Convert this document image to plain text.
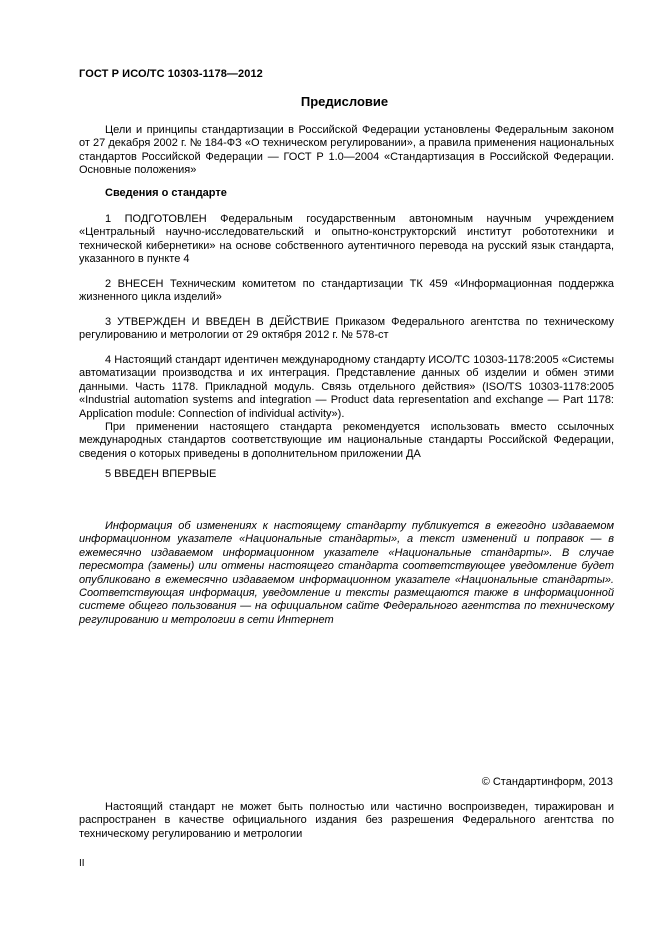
ГОСТ Р ИСО/ТС 10303-1178—2012
Предисловие

Цели и принципы стандартизации в Российской Федерации установлены Федеральным законом от 27 декабря 2002 г. № 184-ФЗ «О техническом регулировании», а правила применения национальных стандартов Российской Федерации — ГОСТ Р 1.0—2004 «Стандартизация в Российской Федерации. Основные положения»

Сведения о стандарте

1 ПОДГОТОВЛЕН Федеральным государственным автономным научным учреждением «Центральный научно-исследовательский и опытно-конструкторский институт робототехники и технической кибернетики» на основе собственного аутентичного перевода на русский язык стандарта, указанного в пункте 4

2 ВНЕСЕН Техническим комитетом по стандартизации ТК 459 «Информационная поддержка жизненного цикла изделий»

3 УТВЕРЖДЕН И ВВЕДЕН В ДЕЙСТВИЕ Приказом Федерального агентства по техническому регулированию и метрологии от 29 октября 2012 г. № 578-ст

4 Настоящий стандарт идентичен международному стандарту ИСО/ТС 10303-1178:2005 «Системы автоматизации производства и их интеграция. Представление данных об изделии и обмен этими данными. Часть 1178. Прикладной модуль. Связь отдельного действия» (ISO/TS 10303-1178:2005 «Industrial automation systems and integration — Product data representation and exchange — Part 1178: Application module: Connection of individual activity»).

При применении настоящего стандарта рекомендуется использовать вместо ссылочных международных стандартов соответствующие им национальные стандарты Российской Федерации, сведения о которых приведены в дополнительном приложении ДА

5 ВВЕДЕН ВПЕРВЫЕ

Информация об изменениях к настоящему стандарту публикуется в ежегодно издаваемом информационном указателе «Национальные стандарты», а текст изменений и поправок — в ежемесячно издаваемом информационном указателе «Национальные стандарты». В случае пересмотра (замены) или отмены настоящего стандарта соответствующее уведомление будет опубликовано в ежемесячно издаваемом информационном указателе «Национальные стандарты». Соответствующая информация, уведомление и тексты размещаются также в информационной системе общего пользования — на официальном сайте Федерального агентства по техническому регулированию и метрологии в сети Интернет

© Стандартинформ, 2013

Настоящий стандарт не может быть полностью или частично воспроизведен, тиражирован и распространен в качестве официального издания без разрешения Федерального агентства по техническому регулированию и метрологии

II
